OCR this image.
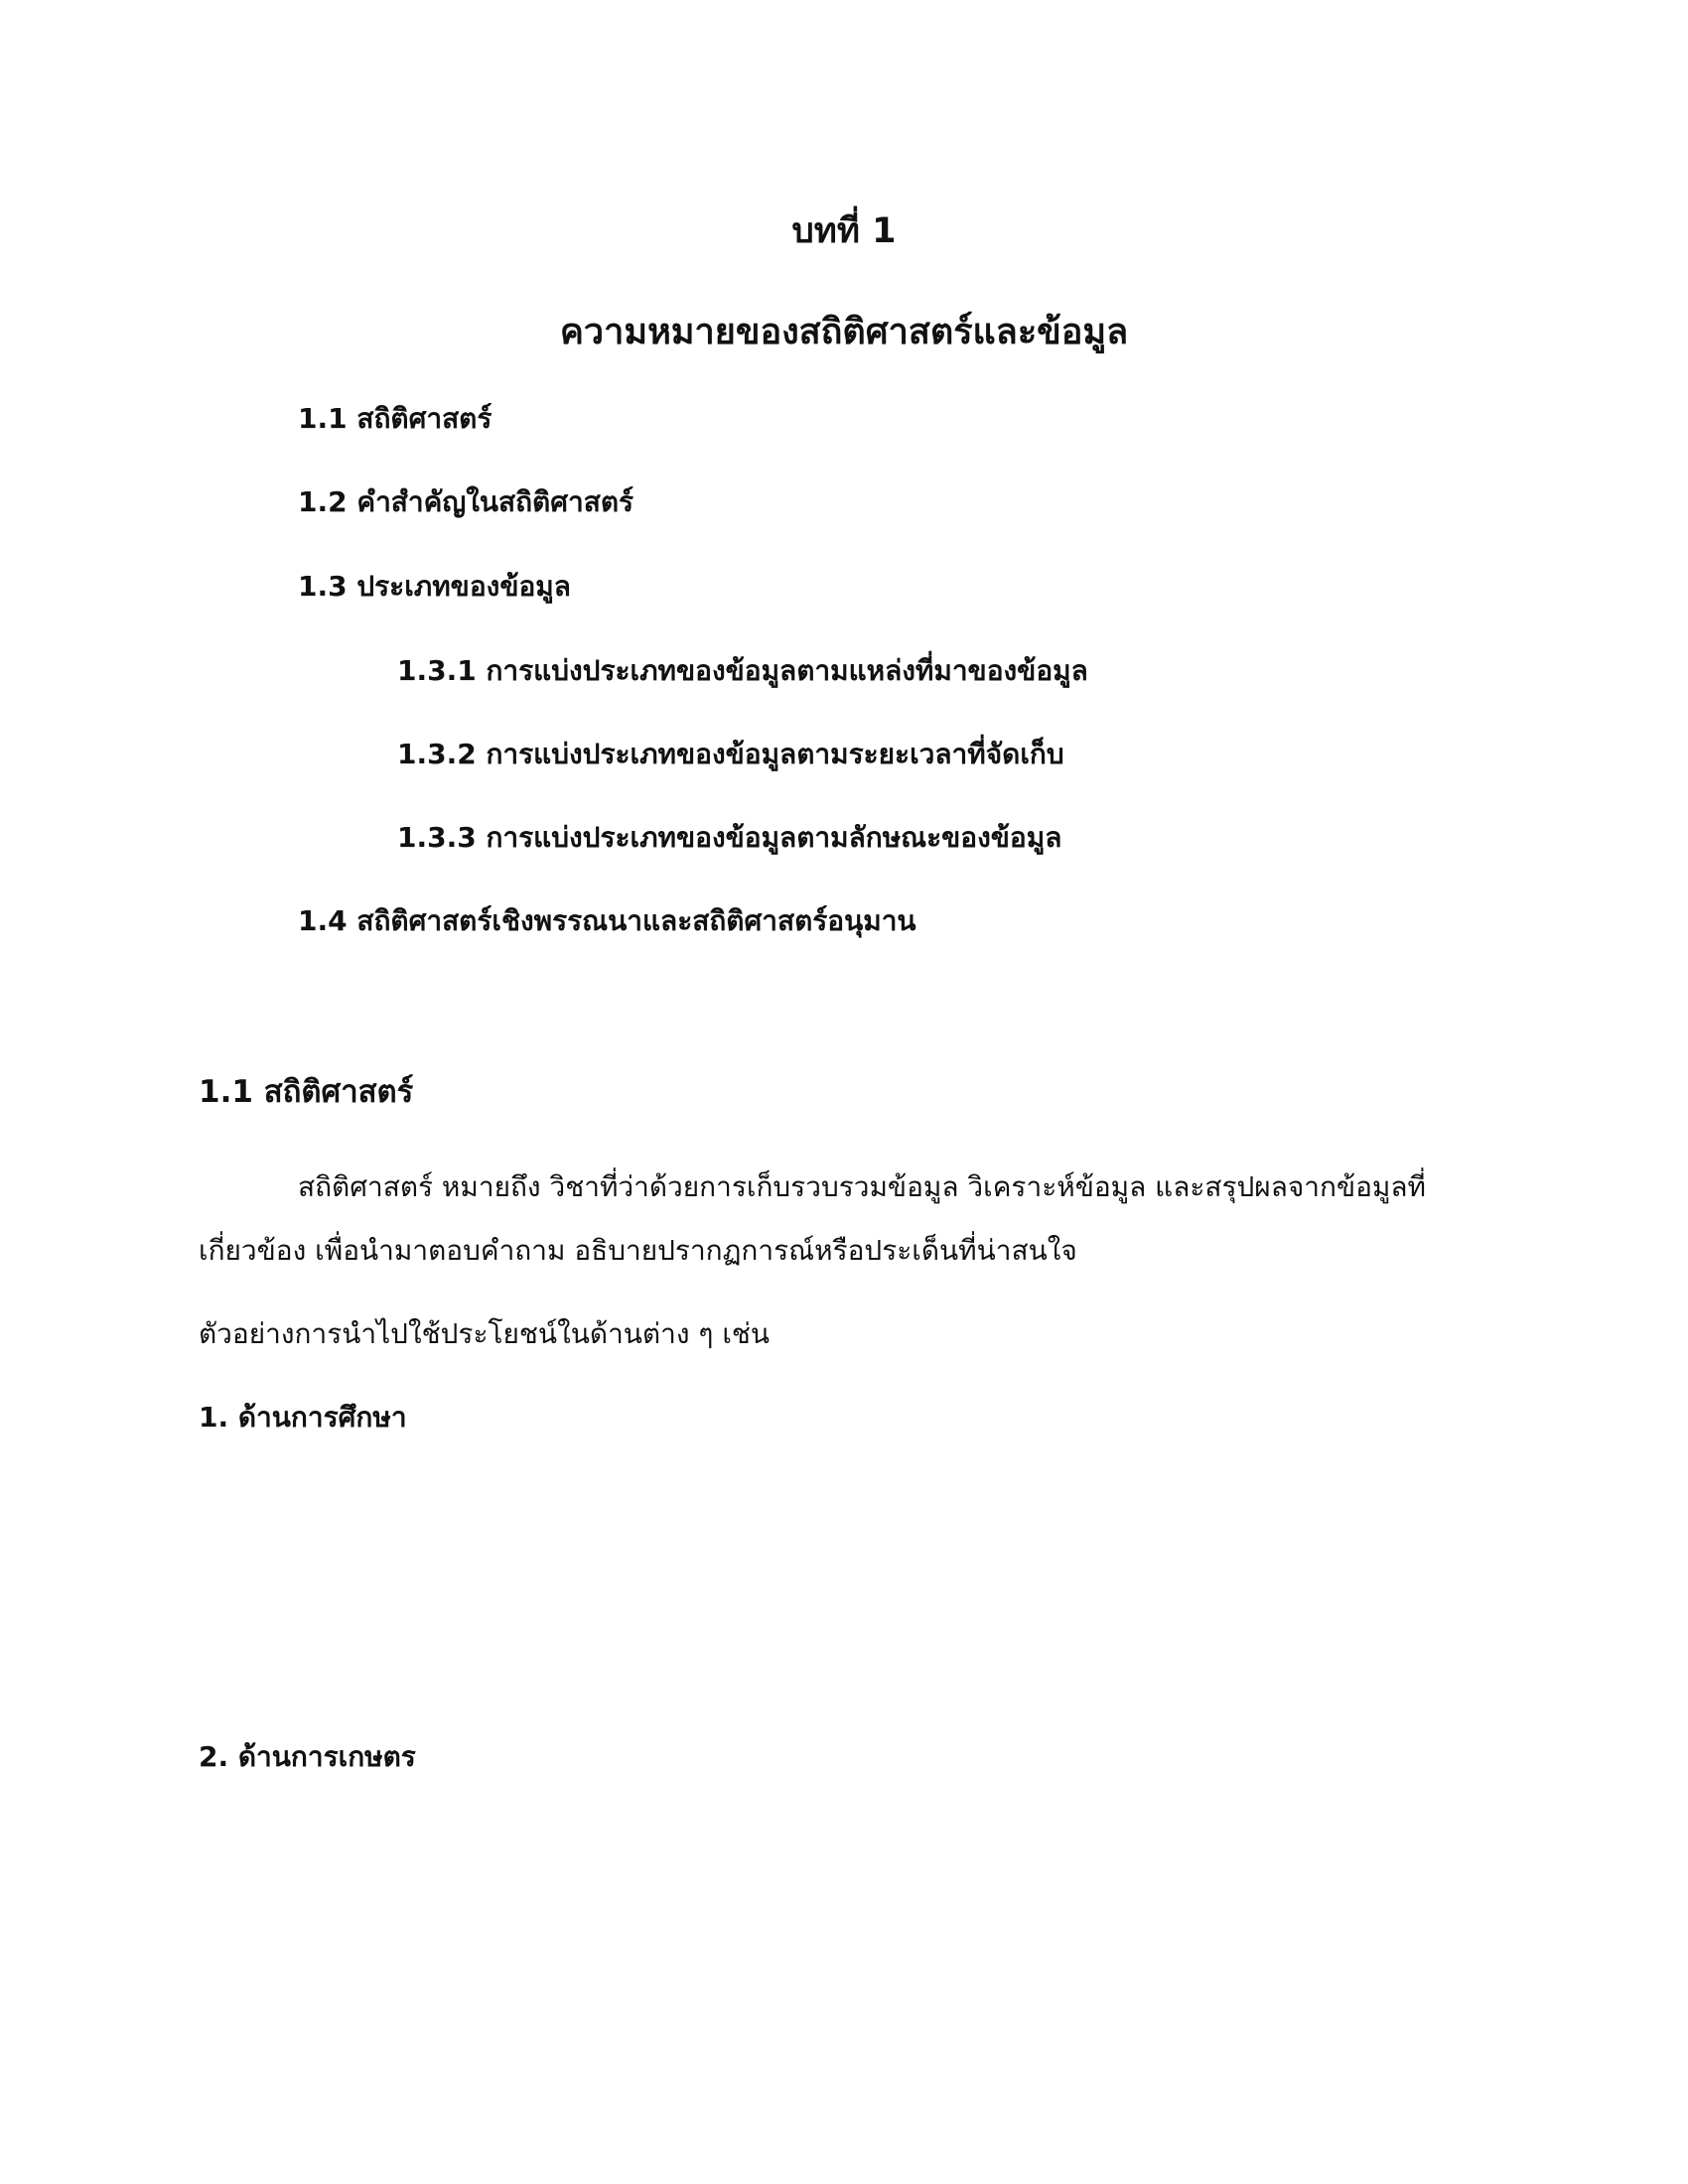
บทที่ 1
ความหมายของสถิติศาสตร์และข้อมูล

1.1 สถิติศาสตร์

1.2 คำสำคัญในสถิติศาสตร์

1.3 ประเภทของข้อมูล

1.3.1 การแบ่งประเภทของข้อมูลตามแหล่งที่มาของข้อมูล

1.3.2 การแบ่งประเภทของข้อมูลตามระยะเวลาที่จัดเก็บ

1.3.3 การแบ่งประเภทของข้อมูลตามลักษณะของข้อมูล

1.4 สถิติศาสตร์เชิงพรรณนาและสถิติศาสตร์อนุมาน

1.1 สถิติศาสตร์

สถิติศาสตร์ หมายถึง วิชาที่ว่าด้วยการเก็บรวบรวมข้อมูล วิเคราะห์ข้อมูล และสรุปผลจากข้อมูลที่

เกี่ยวข้อง เพื่อนำมาตอบคำถาม อธิบายปรากฏการณ์หรือประเด็นที่น่าสนใจ

ตัวอย่างการนำไปใช้ประโยชน์ในด้านต่าง ๆ เช่น

1. ด้านการศึกษา

2. ด้านการเกษตร
